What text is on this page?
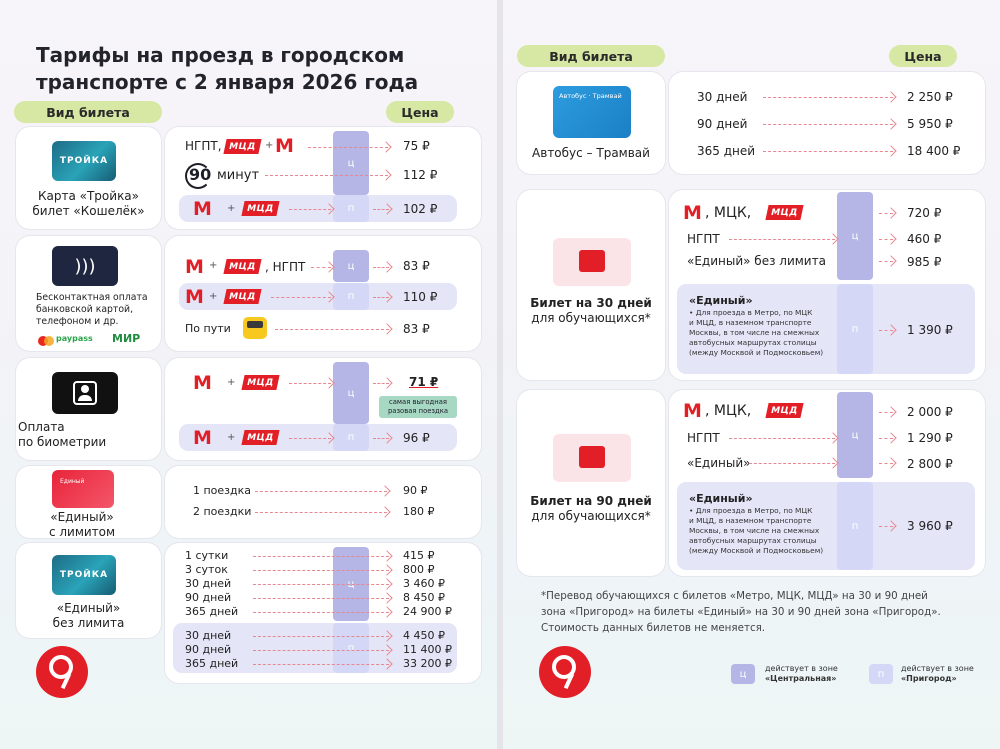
Тарифы на проезд в городском
транспорте с 2 января 2026 года
Вид билета	Цена
ТРОЙКА
Карта «Тройка»
билет «Кошелёк»
ц
НГПТ, МЦД + М	75 ₽
90 минут	112 ₽
п
М +	МЦД	102 ₽
)))
Бесконтактная оплата
банковской картой,
телефоном и др.
paypass МИР
ц
М +	МЦД , НГПТ	83 ₽
п
М +	МЦД	110 ₽
По пути	83 ₽
Оплата
по биометрии
ц
М +	МЦД	71 ₽
самая выгодная
разовая поездка
п
М +	МЦД	96 ₽
Единый
«Единый»
с лимитом
1 поездка	90 ₽
2 поездки	180 ₽
ТРОЙКА
«Единый»
без лимита
ц
п
1 сутки	415 ₽
3 суток	800 ₽
30 дней	3 460 ₽
90 дней	8 450 ₽
365 дней	24 900 ₽
30 дней	4 450 ₽
90 дней	11 400 ₽
365 дней	33 200 ₽
Вид билета	Цена
Автобус · Трамвай
Автобус – Трамвай
30 дней	2 250 ₽
90 дней	5 950 ₽
365 дней	18 400 ₽
Билет на 30 дней
для обучающихся*
ц
М , МЦК,	МЦД	720 ₽
НГПТ	460 ₽
«Единый» без лимита	985 ₽
п
«Единый»
• Для проезда в Метро, по МЦК
и МЦД, в наземном транспорте
Москвы, в том числе на смежных
автобусных маршрутах столицы
(между Москвой и Подмосковьем)
1 390 ₽
Билет на 90 дней
для обучающихся*
ц
М , МЦК,	МЦД	2 000 ₽
НГПТ	1 290 ₽
«Единый»	2 800 ₽
п
«Единый»
• Для проезда в Метро, по МЦК
и МЦД, в наземном транспорте
Москвы, в том числе на смежных
автобусных маршрутах столицы
(между Москвой и Подмосковьем)
3 960 ₽
*Перевод обучающихся с билетов «Метро, МЦК, МЦД» на 30 и 90 дней
зона «Пригород» на билеты «Единый» на 30 и 90 дней зона «Пригород».
Стоимость данных билетов не меняется.
ц	действует в зоне
«Центральная»	п	действует в зоне
«Пригород»
